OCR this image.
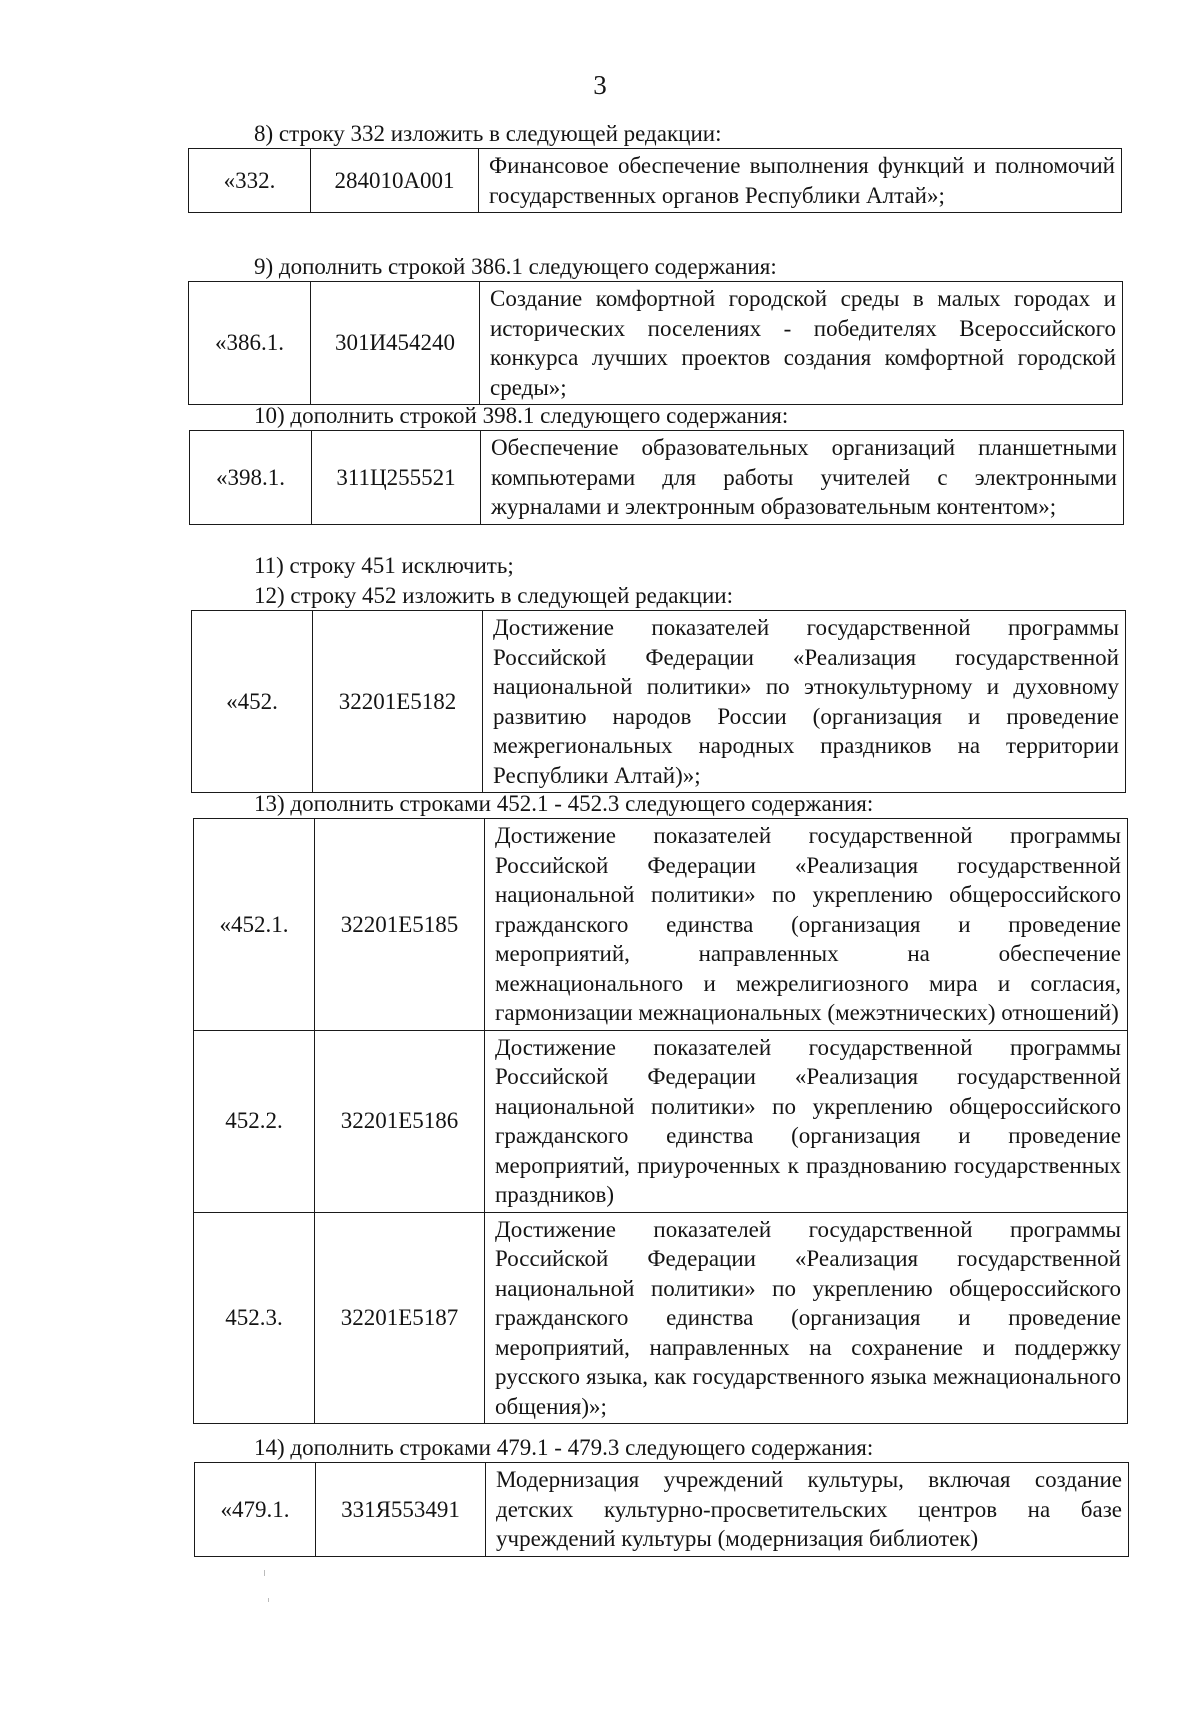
3
8) строку 332 изложить в следующей редакции:
«332.	284010А001	Финансовое обеспечение выполнения функций и полномочий государственных органов Республики Алтай»;
9) дополнить строкой 386.1 следующего содержания:
«386.1.	301И454240	Создание комфортной городской среды в малых городах и исторических поселениях - победителях Всероссийского конкурса лучших проектов создания комфортной городской среды»;
10) дополнить строкой 398.1 следующего содержания:
«398.1.	311Ц255521	Обеспечение образовательных организаций планшетными компьютерами для работы учителей с электронными журналами и электронным образовательным контентом»;
11) строку 451 исключить;
12) строку 452 изложить в следующей редакции:
«452.	32201Е5182	Достижение показателей государственной программы Российской Федерации «Реализация государственной национальной политики» по этнокультурному и духовному развитию народов России (организация и проведение межрегиональных народных праздников на территории Республики Алтай)»;
13) дополнить строками 452.1 - 452.3 следующего содержания:
«452.1.	32201Е5185	Достижение показателей государственной программы Российской Федерации «Реализация государственной национальной политики» по укреплению общероссийского гражданского единства (организация и проведение мероприятий, направленных на обеспечение межнационального и межрелигиозного мира и согласия, гармонизации межнациональных (межэтнических) отношений)
452.2.	32201Е5186	Достижение показателей государственной программы Российской Федерации «Реализация государственной национальной политики» по укреплению общероссийского гражданского единства (организация и проведение мероприятий, приуроченных к празднованию государственных праздников)
452.3.	32201Е5187	Достижение показателей государственной программы Российской Федерации «Реализация государственной национальной политики» по укреплению общероссийского гражданского единства (организация и проведение мероприятий, направленных на сохранение и поддержку русского языка, как государственного языка межнационального общения)»;
14) дополнить строками 479.1 - 479.3 следующего содержания:
«479.1.	331Я553491	Модернизация учреждений культуры, включая создание детских культурно-просветительских центров на базе учреждений культуры (модернизация библиотек)
